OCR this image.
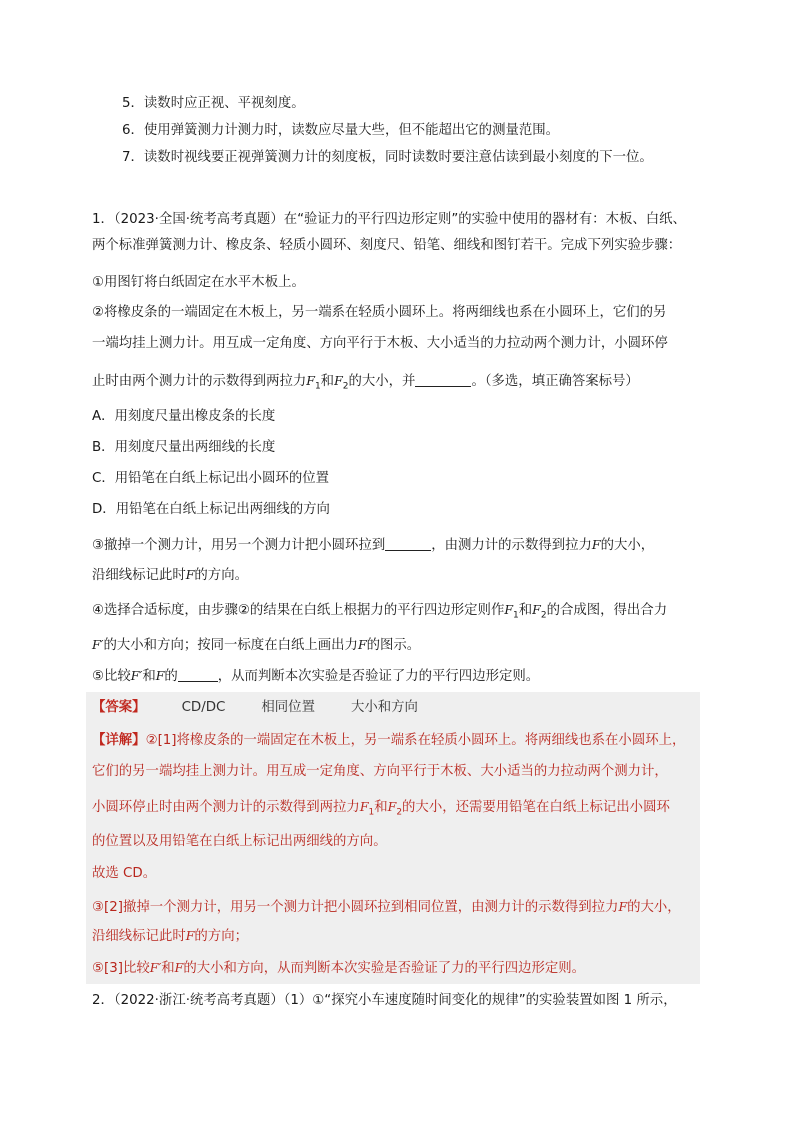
5．读数时应正视、平视刻度。
6．使用弹簧测力计测力时，读数应尽量大些，但不能超出它的测量范围。
7．读数时视线要正视弹簧测力计的刻度板，同时读数时要注意估读到最小刻度的下一位。
1．（2023·全国·统考高考真题）在“验证力的平行四边形定则”的实验中使用的器材有：木板、白纸、
两个标准弹簧测力计、橡皮条、轻质小圆环、刻度尺、铅笔、细线和图钉若干。完成下列实验步骤：
①用图钉将白纸固定在水平木板上。
②将橡皮条的一端固定在木板上，另一端系在轻质小圆环上。将两细线也系在小圆环上，它们的另
一端均挂上测力计。用互成一定角度、方向平行于木板、大小适当的力拉动两个测力计，小圆环停
止时由两个测力计的示数得到两拉力$F_1$和$F_2$的大小，并	。（多选，填正确答案标号）
A．用刻度尺量出橡皮条的长度
B．用刻度尺量出两细线的长度
C．用铅笔在白纸上标记出小圆环的位置
D．用铅笔在白纸上标记出两细线的方向
③撤掉一个测力计，用另一个测力计把小圆环拉到	，由测力计的示数得到拉力F的大小，
沿细线标记此时F的方向。
④选择合适标度，由步骤②的结果在白纸上根据力的平行四边形定则作$F_1$和$F_2$的合成图，得出合力
F′的大小和方向；按同一标度在白纸上画出力F的图示。
⑤比较F′和F的	，从而判断本次实验是否验证了力的平行四边形定则。
【答案】	CD/DC	相同位置	大小和方向
【详解】②[1]将橡皮条的一端固定在木板上，另一端系在轻质小圆环上。将两细线也系在小圆环上，
它们的另一端均挂上测力计。用互成一定角度、方向平行于木板、大小适当的力拉动两个测力计，
小圆环停止时由两个测力计的示数得到两拉力$F_1$和$F_2$的大小，还需要用铅笔在白纸上标记出小圆环
的位置以及用铅笔在白纸上标记出两细线的方向。
故选 CD。
③[2]撤掉一个测力计，用另一个测力计把小圆环拉到相同位置，由测力计的示数得到拉力F的大小，
沿细线标记此时F的方向；
⑤[3]比较F′和F的大小和方向，从而判断本次实验是否验证了力的平行四边形定则。
2．（2022·浙江·统考高考真题）（1）①“探究小车速度随时间变化的规律”的实验装置如图 1 所示，
